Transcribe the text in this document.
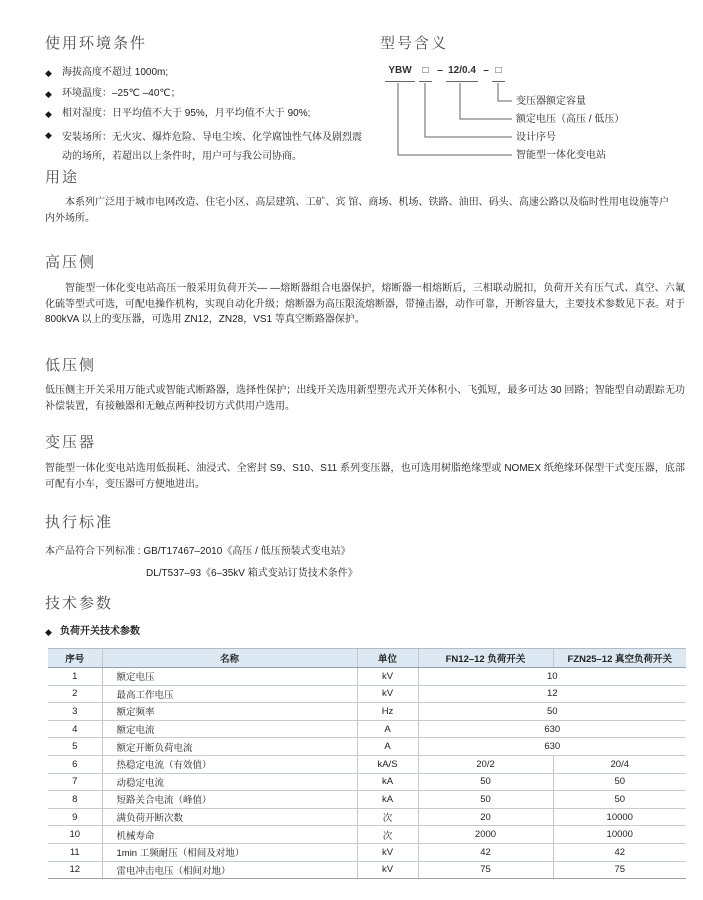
使用环境条件
◆	海拔高度不超过 1000m;
◆	环境温度：–25℃ –40℃；
◆	相对湿度：日平均值不大于 95%，月平均值不大于 90%;
◆	安装场所：无火灾、爆炸危险、导电尘埃、化学腐蚀性气体及剧烈震动的场所，若超出以上条件时，用户可与我公司协商。
型号含义
YBW	□ – 12/0.4 – □
变压器额定容量
额定电压（高压 / 低压）
设计序号
智能型一体化变电站
用途
本系列广泛用于城市电网改造、住宅小区、高层建筑、工矿、宾 馆、商场、机场、铁路、油田、码头、高速公路以及临时性用电设施等户内外场所。
高压侧
智能型一体化变电站高压一般采用负荷开关— —熔断器组合电器保护，熔断器一相熔断后，三相联动脱扣，负荷开关有压气式、真空、六氟化硫等型式可选，可配电操作机构，实现自动化升级；熔断器为高压限流熔断器，带撞击器，动作可靠，开断容量大，主要技术参数见下表。对于 800kVA 以上的变压器，可选用 ZN12，ZN28，VS1 等真空断路器保护。
低压侧
低压侧主开关采用万能式或智能式断路器，选择性保护；出线开关选用新型塑壳式开关体积小、飞弧短，最多可达 30 回路；智能型自动跟踪无功补偿装置，有接触器和无触点两种投切方式供用户选用。
变压器
智能型一体化变电站选用低损耗、油浸式、全密封 S9、S10、S11 系列变压器，也可选用树脂绝缘型或 NOMEX 纸绝缘环保型干式变压器，底部可配有小车，变压器可方便地进出。
执行标准
本产品符合下列标准 : GB/T17467–2010《高压 / 低压预装式变电站》
DL/T537–93《6–35kV 箱式变站订货技术条件》
技术参数
◆ 负荷开关技术参数
序号	名称	单位	FN12–12 负荷开关	FZN25–12 真空负荷开关
1	额定电压	kV	10	
2	最高工作电压	kV	12	
3	额定频率	Hz	50	
4	额定电流	A	630	
5	额定开断负荷电流	A	630	
6	热稳定电流（有效值）	kA/S	20/2	20/4
7	动稳定电流	kA	50	50
8	短路关合电流（峰值）	kA	50	50
9	满负荷开断次数	次	20	10000
10	机械寿命	次	2000	10000
11	1min 工频耐压（相间及对地）	kV	42	42
12	雷电冲击电压（相间对地）	kV	75	75
